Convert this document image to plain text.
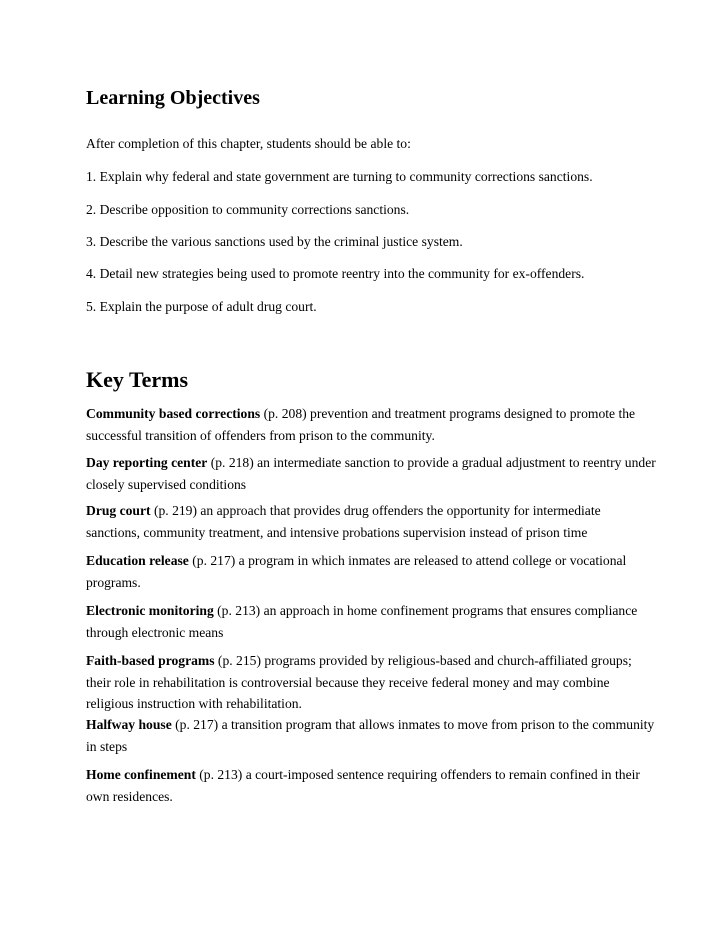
Learning Objectives

After completion of this chapter, students should be able to:

1. Explain why federal and state government are turning to community corrections sanctions.

2. Describe opposition to community corrections sanctions.

3. Describe the various sanctions used by the criminal justice system.

4. Detail new strategies being used to promote reentry into the community for ex-offenders.

5. Explain the purpose of adult drug court.

Key Terms

Community based corrections (p. 208) prevention and treatment programs designed to promote the successful transition of offenders from prison to the community.

Day reporting center (p. 218) an intermediate sanction to provide a gradual adjustment to reentry under closely supervised conditions

Drug court (p. 219) an approach that provides drug offenders the opportunity for intermediate sanctions, community treatment, and intensive probations supervision instead of prison time

Education release (p. 217) a program in which inmates are released to attend college or vocational programs.

Electronic monitoring (p. 213) an approach in home confinement programs that ensures compliance through electronic means

Faith-based programs (p. 215) programs provided by religious-based and church-affiliated groups; their role in rehabilitation is controversial because they receive federal money and may combine religious instruction with rehabilitation.

Halfway house (p. 217) a transition program that allows inmates to move from prison to the community in steps

Home confinement (p. 213) a court-imposed sentence requiring offenders to remain confined in their own residences.
